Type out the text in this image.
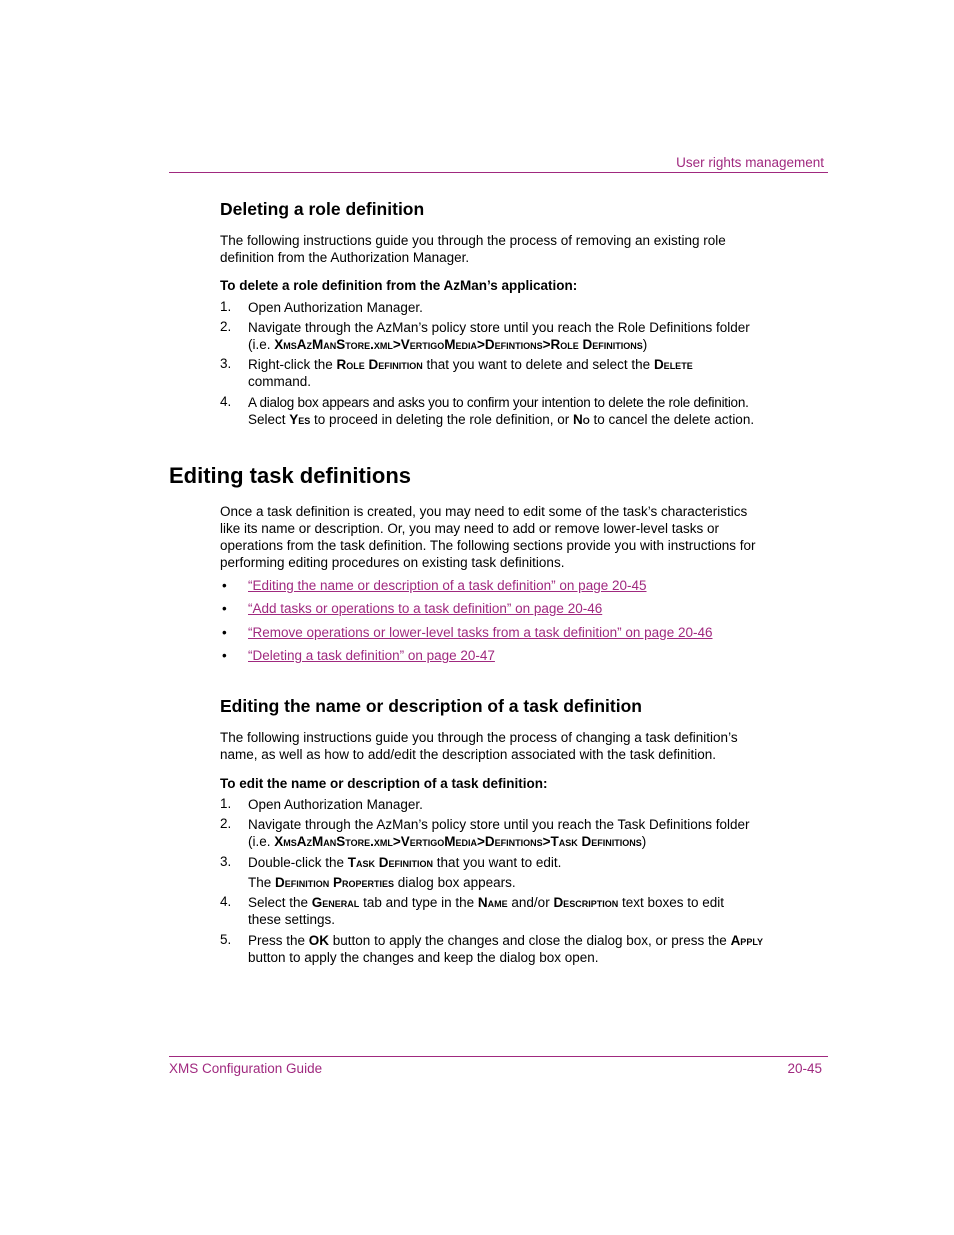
User rights management
Deleting a role definition
The following instructions guide you through the process of removing an existing role
definition from the Authorization Manager.
To delete a role definition from the AzMan’s application:
1. Open Authorization Manager.
2. Navigate through the AzMan’s policy store until you reach the Role Definitions folder
(i.e. XmsAzManStore.xml>VertigoMedia>Defintions>Role Definitions)
3. Right-click the Role Definition that you want to delete and select the Delete
command.
4. A dialog box appears and asks you to confirm your intention to delete the role definition.
Select Yes to proceed in deleting the role definition, or No to cancel the delete action.
Editing task definitions
Once a task definition is created, you may need to edit some of the task’s characteristics
like its name or description. Or, you may need to add or remove lower-level tasks or
operations from the task definition. The following sections provide you with instructions for
performing editing procedures on existing task definitions.
• “Editing the name or description of a task definition” on page 20-45
• “Add tasks or operations to a task definition” on page 20-46
• “Remove operations or lower-level tasks from a task definition” on page 20-46
• “Deleting a task definition” on page 20-47
Editing the name or description of a task definition
The following instructions guide you through the process of changing a task definition’s
name, as well as how to add/edit the description associated with the task definition.
To edit the name or description of a task definition:
1. Open Authorization Manager.
2. Navigate through the AzMan’s policy store until you reach the Task Definitions folder
(i.e. XmsAzManStore.xml>VertigoMedia>Defintions>Task Definitions)
3. Double-click the Task Definition that you want to edit.
The Definition Properties dialog box appears.
4. Select the General tab and type in the Name and/or Description text boxes to edit
these settings.
5. Press the OK button to apply the changes and close the dialog box, or press the Apply
button to apply the changes and keep the dialog box open.
XMS Configuration Guide	20-45
